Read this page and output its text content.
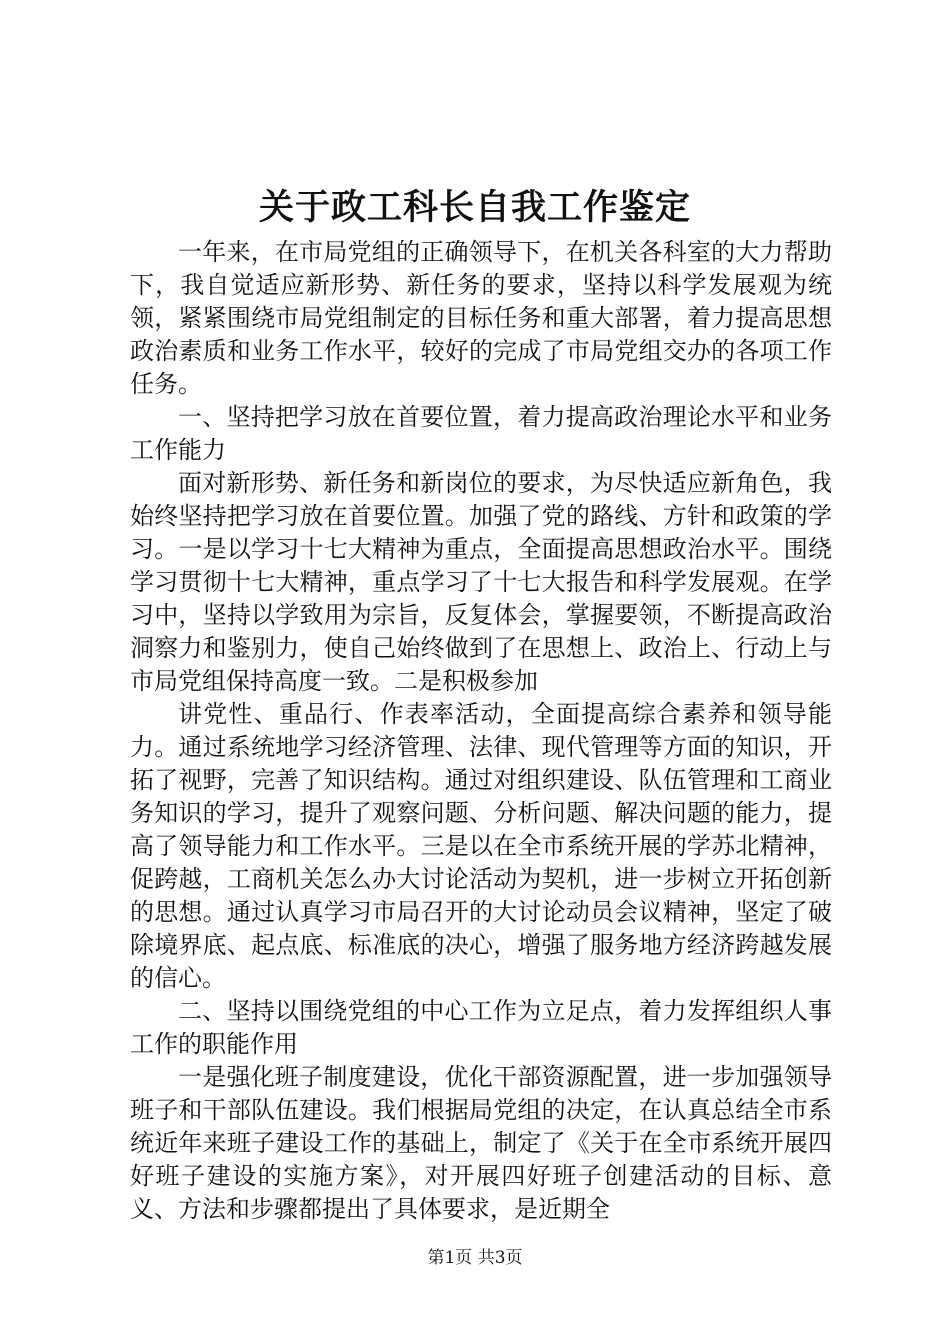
关于政工科长自我工作鉴定

一年来，在市局党组的正确领导下，在机关各科室的大力帮助下，我自觉适应新形势、新任务的要求，坚持以科学发展观为统领，紧紧围绕市局党组制定的目标任务和重大部署，着力提高思想政治素质和业务工作水平，较好的完成了市局党组交办的各项工作任务。

一、坚持把学习放在首要位置，着力提高政治理论水平和业务工作能力

面对新形势、新任务和新岗位的要求，为尽快适应新角色，我始终坚持把学习放在首要位置。加强了党的路线、方针和政策的学习。一是以学习十七大精神为重点，全面提高思想政治水平。围绕学习贯彻十七大精神，重点学习了十七大报告和科学发展观。在学习中，坚持以学致用为宗旨，反复体会，掌握要领，不断提高政治洞察力和鉴别力，使自己始终做到了在思想上、政治上、行动上与市局党组保持高度一致。二是积极参加

讲党性、重品行、作表率活动，全面提高综合素养和领导能力。通过系统地学习经济管理、法律、现代管理等方面的知识，开拓了视野，完善了知识结构。通过对组织建设、队伍管理和工商业务知识的学习，提升了观察问题、分析问题、解决问题的能力，提高了领导能力和工作水平。三是以在全市系统开展的学苏北精神，促跨越，工商机关怎么办大讨论活动为契机，进一步树立开拓创新的思想。通过认真学习市局召开的大讨论动员会议精神，坚定了破除境界底、起点底、标准底的决心，增强了服务地方经济跨越发展的信心。

二、坚持以围绕党组的中心工作为立足点，着力发挥组织人事工作的职能作用

一是强化班子制度建设，优化干部资源配置，进一步加强领导班子和干部队伍建设。我们根据局党组的决定，在认真总结全市系统近年来班子建设工作的基础上，制定了《关于在全市系统开展四好班子建设的实施方案》，对开展四好班子创建活动的目标、意义、方法和步骤都提出了具体要求，是近期全

第1页 共3页
